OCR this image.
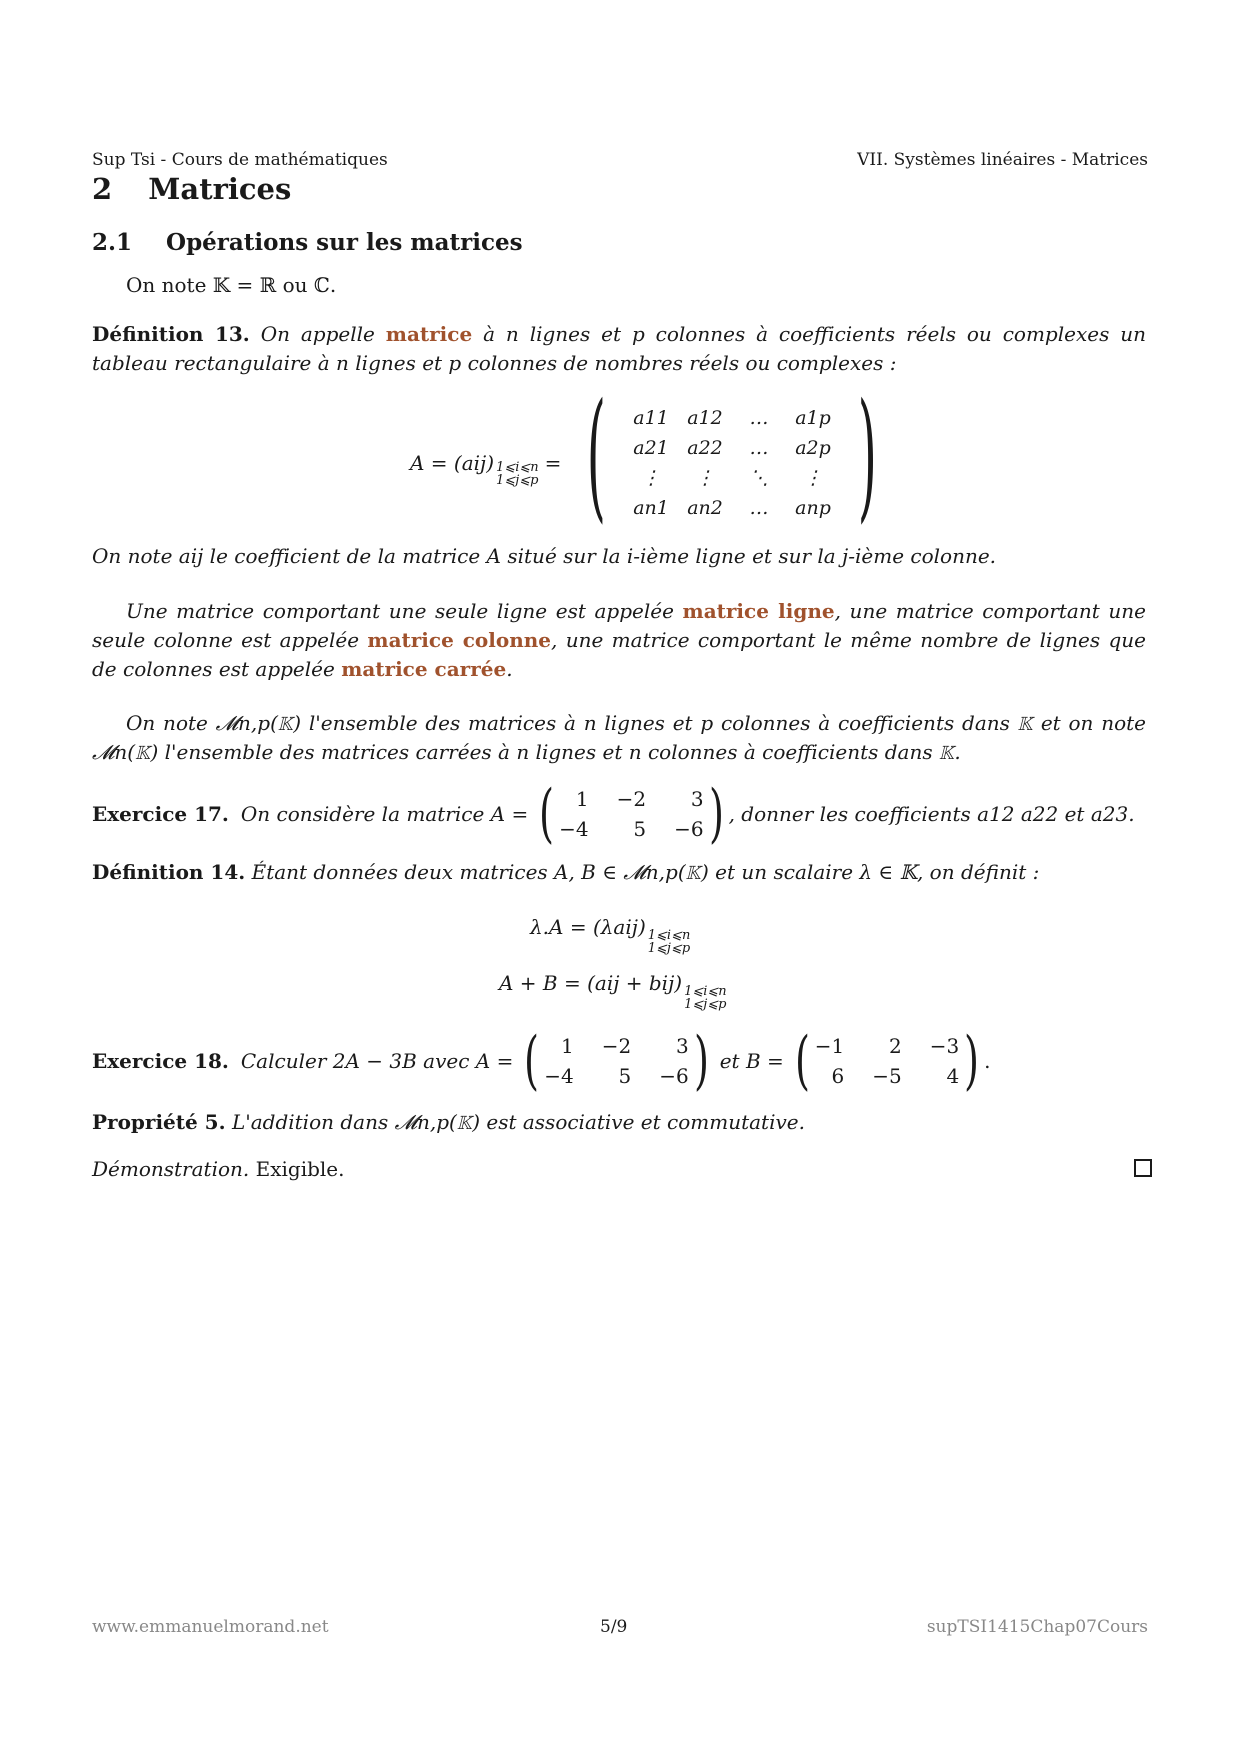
Sup Tsi - Cours de mathématiques	VII. Systèmes linéaires - Matrices
2 Matrices
2.1 Opérations sur les matrices
On note 𝕂 = ℝ ou ℂ.
Définition 13. On appelle matrice à n lignes et p colonnes à coefficients réels ou complexes un tableau rectangulaire à n lignes et p colonnes de nombres réels ou complexes :
A = (aij) 1⩽i⩽n
1⩽j⩽p
= (	a11 a12	…	a1p
a21 a22	…	a2p
⋮	⋮	⋱	⋮
an1 an2	…	anp )
On note aij le coefficient de la matrice A situé sur la i-ième ligne et sur la j-ième colonne.
Une matrice comportant une seule ligne est appelée matrice ligne, une matrice comportant une seule colonne est appelée matrice colonne, une matrice comportant le même nombre de lignes que de colonnes est appelée matrice carrée.
On note 𝓜n,p(𝕂) l'ensemble des matrices à n lignes et p colonnes à coefficients dans 𝕂 et on note 𝓜n(𝕂) l'ensemble des matrices carrées à n lignes et n colonnes à coefficients dans 𝕂.
Exercice 17. On considère la matrice A = (	1 −2	3
−4	5 −6 ) , donner les coefficients a12 a22 et a23.
Définition 14. Étant données deux matrices A, B ∈ 𝓜n,p(𝕂) et un scalaire λ ∈ 𝕂, on définit :
λ.A = (λaij) 1⩽i⩽n
1⩽j⩽p
A + B = (aij + bij) 1⩽i⩽n
1⩽j⩽p
Exercice 18. Calculer 2A − 3B avec A = (	1 −2	3
−4	5 −6 ) et B = ( −1	2 −3
6 −5	4 ) .
Propriété 5. L'addition dans 𝓜n,p(𝕂) est associative et commutative.
Démonstration. Exigible.
www.emmanuelmorand.net	5/9	supTSI1415Chap07Cours
